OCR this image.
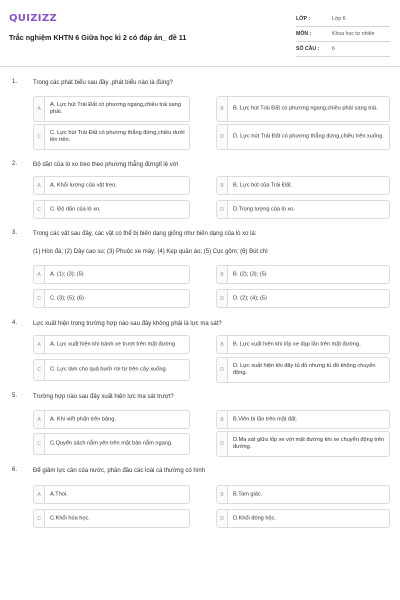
QUIZIZZ
Trắc nghiệm KHTN 6 Giữa học kì 2 có đáp án_ đề 11
LỚP :	Lớp 6
MÔN :	Khoa học tự nhiên
SỐ CÂU :	6
1.	Trong các phát biểu sau đây ,phát biểu nào là đúng?
A
A. Lực hút Trái Đất có phương ngang,chiều trái sang phải.	B	B. Lực hút Trái Đất có phương ngang,chiều phải sang trái.
C
C. Lực hút Trái Đất có phương thẳng đứng,chiều dưới lên trên.	D	D. Lực hút Trái Đất có phương thẳng đứng,chiều trên xuống.
2.	Độ dãn của lò xo treo theo phương thẳng đứngtỉ lệ với
A	A. Khối lượng của vật treo.	B	B. Lực hút của Trái Đất.
C	C. Độ dãn của lò xo.	D	D.Trọng lượng của lò xo.
3.	Trong các vật sau đây, các vật có thể bị biến dạng giống như biến dạng của lò xo là:
(1) Hòn đá; (2) Dây cao su; (3) Phuộc xe máy; (4) Kẹp quần áo; (5) Cục gôm; (6) Bút chì
A	A. (1); (3); (5)	B	B. (2); (3); (5)
C	C. (3); (5); (6)	D	D. (2); (4); (5)
4.	Lực xuất hiện trong trường hợp nào sau đây không phải là lực ma sát?
A	A. Lực xuất hiện khi bánh xe trượt trên mặt đường	B	B. Lực xuất hiện khi lốp xe đạp lăn trên mặt đường.
C	C. Lực làm cho quả bưởi rơi từ trên cây xuống.	D
D. Lực xuất hiện khi đẩy tủ đồ nhưng tủ đồ không chuyển động.
5.	Trường hợp nào sau đây xuất hiện lực ma sát trượt?
A	A. Khi viết phấn trên bảng.	B	B.Viên bi lăn trên mặt đất.
C	C.Quyển sách nằm yên trên mặt bàn nằm ngang.	D
D.Ma sát giữa lốp xe với mặt đường khi xe chuyển động trên đường.
6.	Để giảm lực cản của nước, phần đầu các loài cá thường có hình
A	A.Thoi.	B	B.Tam giác.
C	C.Khối hóa học.	D	D.Khối đóng hộc.
